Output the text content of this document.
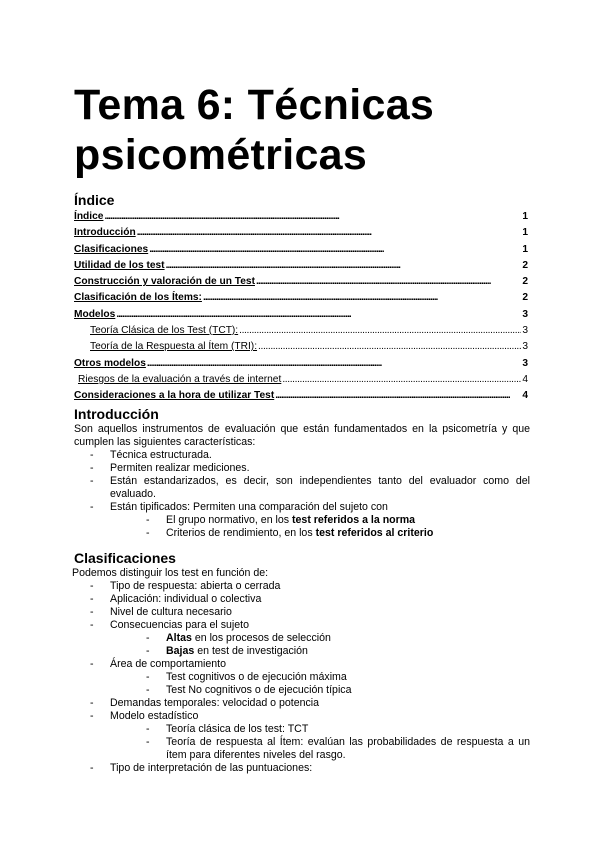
Tema 6: Técnicas psicométricas
Índice
Índice . . .	1
Introducción . . .	1
Clasificaciones . . .	1
Utilidad de los test . . .	2
Construcción y valoración de un Test . . .	2
Clasificación de los Ítems: . . .	2
Modelos . . .	3
Teoría Clásica de los Test (TCT): . . .	3
Teoría de la Respuesta al Ítem (TRI): . . .	3
Otros modelos . . .	3
Riesgos de la evaluación a través de internet . . .	4
Consideraciones a la hora de utilizar Test . . .	4
Introducción

Son aquellos instrumentos de evaluación que están fundamentados en la psicometría y que cumplen las siguientes características:

- Técnica estructurada.
- Permiten realizar mediciones.
- Están estandarizados, es decir, son independientes tanto del evaluador como del evaluado.
- Están tipificados: Permiten una comparación del sujeto con
- El grupo normativo, en los test referidos a la norma
- Criterios de rendimiento, en los test referidos al criterio
Clasificaciones

Podemos distinguir los test en función de:

- Tipo de respuesta: abierta o cerrada
- Aplicación: individual o colectiva
- Nivel de cultura necesario
- Consecuencias para el sujeto
- Altas en los procesos de selección
- Bajas en test de investigación
- Área de comportamiento
- Test cognitivos o de ejecución máxima
- Test No cognitivos o de ejecución típica
- Demandas temporales: velocidad o potencia
- Modelo estadístico
- Teoría clásica de los test: TCT
- Teoría de respuesta al Ítem: evalúan las probabilidades de respuesta a un ítem para diferentes niveles del rasgo.
- Tipo de interpretación de las puntuaciones:
